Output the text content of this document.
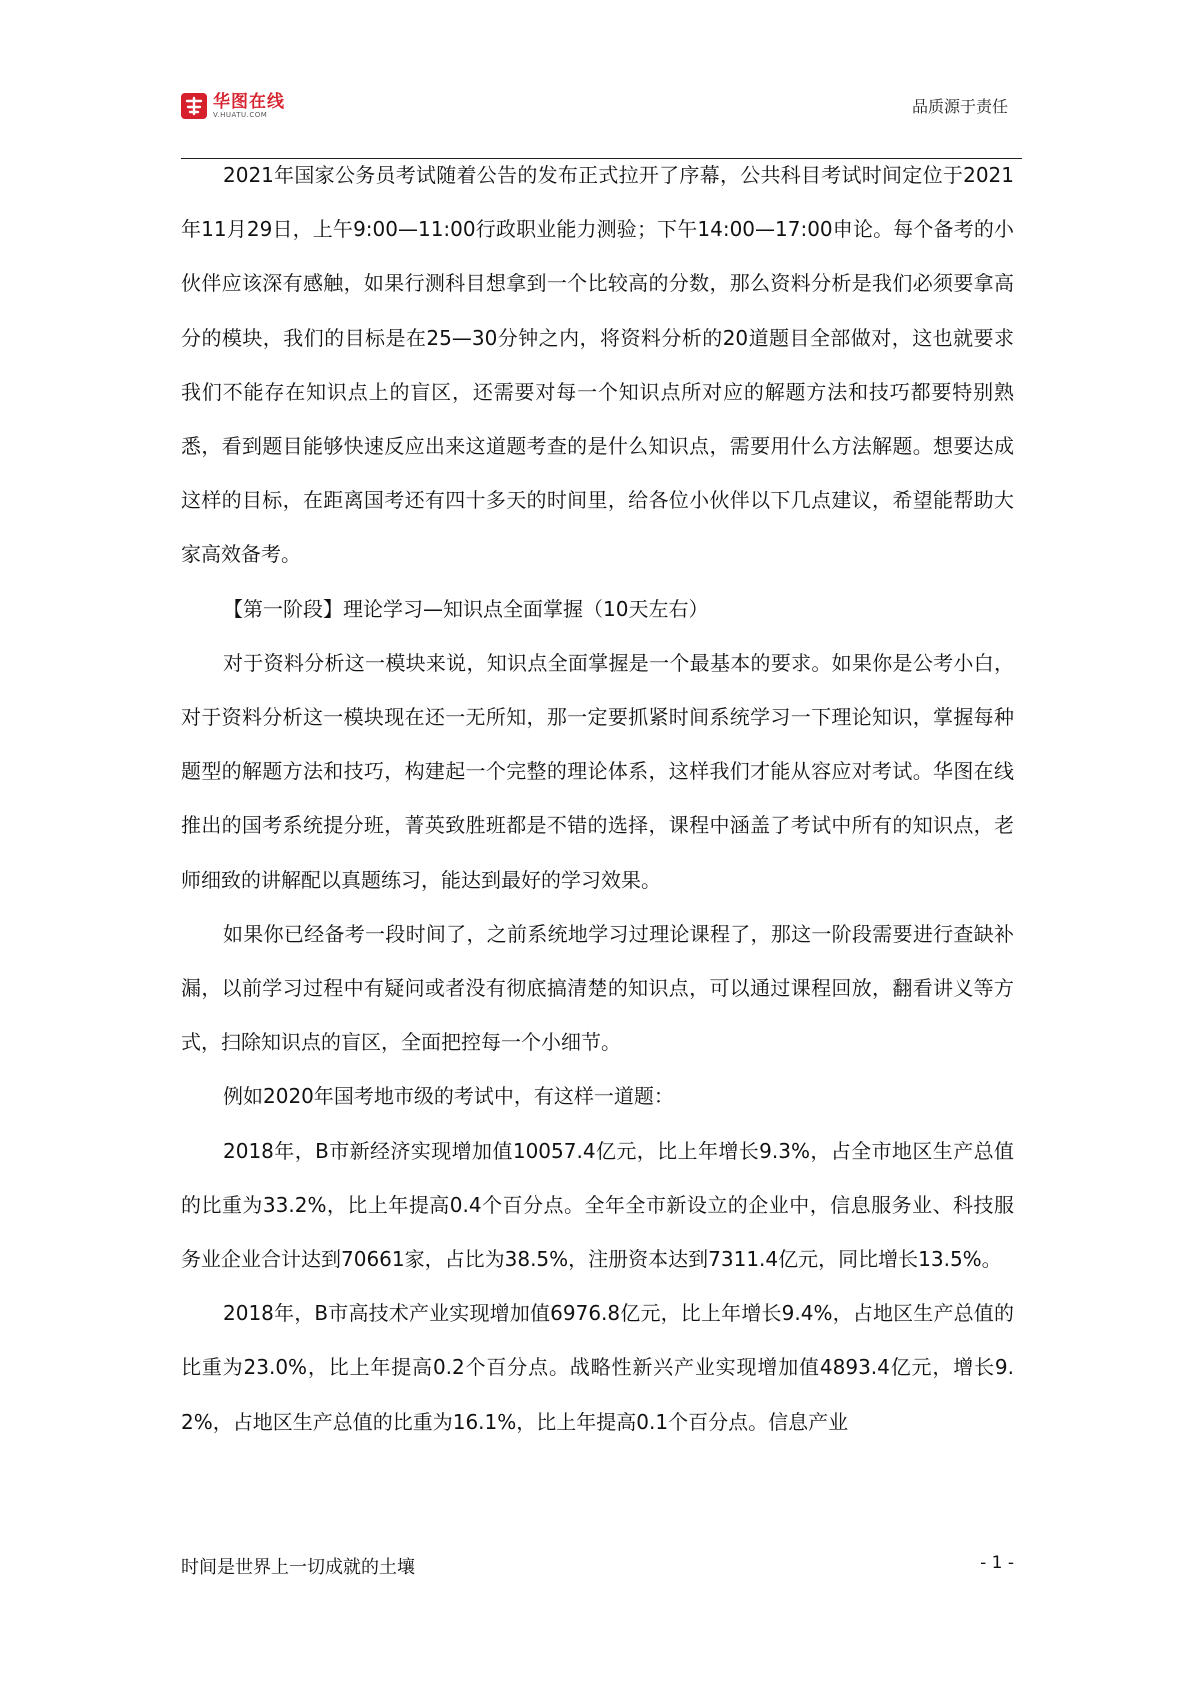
华图在线
V.HUATU.COM	品质源于责任

2021年国家公务员考试随着公告的发布正式拉开了序幕，公共科目考试时间定位于2021年11月29日，上午9:00—11:00行政职业能力测验；下午14:00—17:00申论。每个备考的小伙伴应该深有感触，如果行测科目想拿到一个比较高的分数，那么资料分析是我们必须要拿高分的模块，我们的目标是在25—30分钟之内，将资料分析的20道题目全部做对，这也就要求我们不能存在知识点上的盲区，还需要对每一个知识点所对应的解题方法和技巧都要特别熟悉，看到题目能够快速反应出来这道题考查的是什么知识点，需要用什么方法解题。想要达成这样的目标，在距离国考还有四十多天的时间里，给各位小伙伴以下几点建议，希望能帮助大家高效备考。

【第一阶段】理论学习—知识点全面掌握（10天左右）

对于资料分析这一模块来说，知识点全面掌握是一个最基本的要求。如果你是公考小白，对于资料分析这一模块现在还一无所知，那一定要抓紧时间系统学习一下理论知识，掌握每种题型的解题方法和技巧，构建起一个完整的理论体系，这样我们才能从容应对考试。华图在线推出的国考系统提分班，菁英致胜班都是不错的选择，课程中涵盖了考试中所有的知识点，老师细致的讲解配以真题练习，能达到最好的学习效果。

如果你已经备考一段时间了，之前系统地学习过理论课程了，那这一阶段需要进行查缺补漏，以前学习过程中有疑问或者没有彻底搞清楚的知识点，可以通过课程回放，翻看讲义等方式，扫除知识点的盲区，全面把控每一个小细节。

例如2020年国考地市级的考试中，有这样一道题：

2018年，B市新经济实现增加值10057.4亿元，比上年增长9.3%，占全市地区生产总值的比重为33.2%，比上年提高0.4个百分点。全年全市新设立的企业中，信息服务业、科技服务业企业合计达到70661家，占比为38.5%，注册资本达到7311.4亿元，同比增长13.5%。

2018年，B市高技术产业实现增加值6976.8亿元，比上年增长9.4%，占地区生产总值的比重为23.0%，比上年提高0.2个百分点。战略性新兴产业实现增加值4893.4亿元，增长9.2%，占地区生产总值的比重为16.1%，比上年提高0.1个百分点。信息产业

时间是世界上一切成就的土壤	- 1 -
